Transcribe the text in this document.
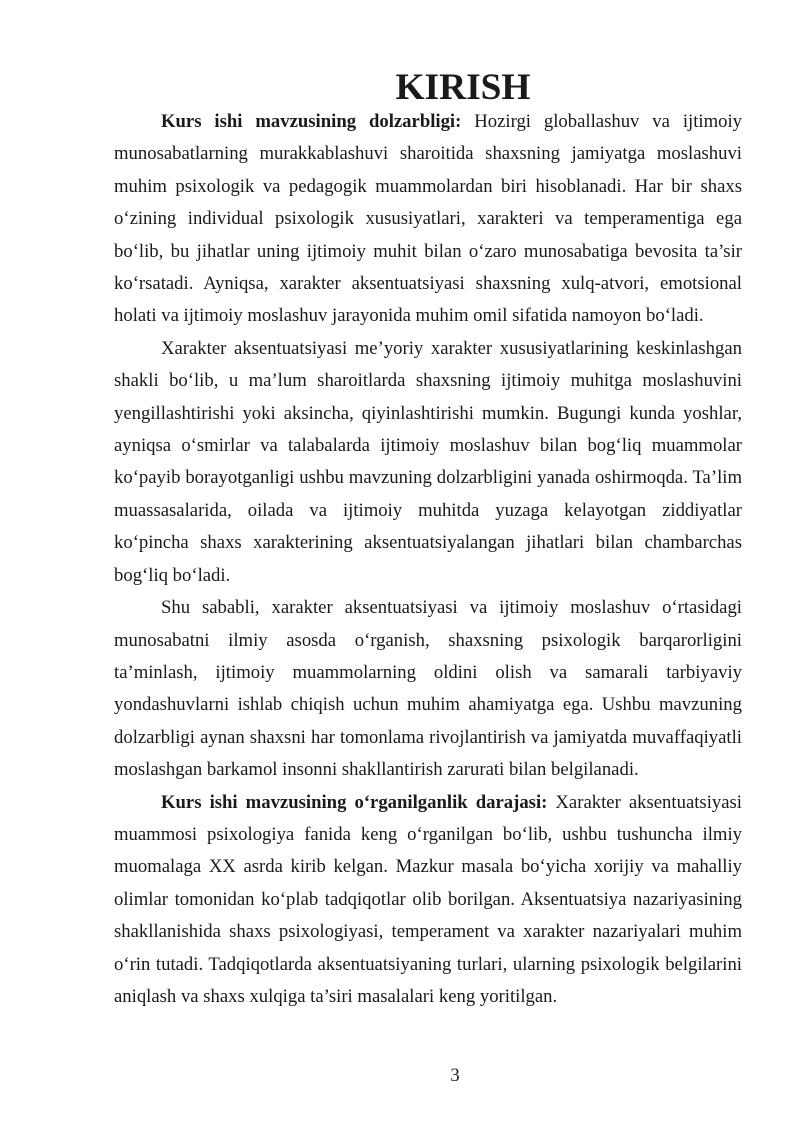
KIRISH

Kurs ishi mavzusining dolzarbligi: Hozirgi globallashuv va ijtimoiy munosabatlarning murakkablashuvi sharoitida shaxsning jamiyatga moslashuvi muhim psixologik va pedagogik muammolardan biri hisoblanadi. Har bir shaxs o‘zining individual psixologik xususiyatlari, xarakteri va temperamentiga ega bo‘lib, bu jihatlar uning ijtimoiy muhit bilan o‘zaro munosabatiga bevosita ta’sir ko‘rsatadi. Ayniqsa, xarakter aksentuatsiyasi shaxsning xulq-atvori, emotsional holati va ijtimoiy moslashuv jarayonida muhim omil sifatida namoyon bo‘ladi.

Xarakter aksentuatsiyasi me’yoriy xarakter xususiyatlarining keskinlashgan shakli bo‘lib, u ma’lum sharoitlarda shaxsning ijtimoiy muhitga moslashuvini yengillashtirishi yoki aksincha, qiyinlashtirishi mumkin. Bugungi kunda yoshlar, ayniqsa o‘smirlar va talabalarda ijtimoiy moslashuv bilan bog‘liq muammolar ko‘payib borayotganligi ushbu mavzuning dolzarbligini yanada oshirmoqda. Ta’lim muassasalarida, oilada va ijtimoiy muhitda yuzaga kelayotgan ziddiyatlar ko‘pincha shaxs xarakterining aksentuatsiyalangan jihatlari bilan chambarchas bog‘liq bo‘ladi.

Shu sababli, xarakter aksentuatsiyasi va ijtimoiy moslashuv o‘rtasidagi munosabatni ilmiy asosda o‘rganish, shaxsning psixologik barqarorligini ta’minlash, ijtimoiy muammolarning oldini olish va samarali tarbiyaviy yondashuvlarni ishlab chiqish uchun muhim ahamiyatga ega. Ushbu mavzuning dolzarbligi aynan shaxsni har tomonlama rivojlantirish va jamiyatda muvaffaqiyatli moslashgan barkamol insonni shakllantirish zarurati bilan belgilanadi.

Kurs ishi mavzusining o‘rganilganlik darajasi: Xarakter aksentuatsiyasi muammosi psixologiya fanida keng o‘rganilgan bo‘lib, ushbu tushuncha ilmiy muomalaga XX asrda kirib kelgan. Mazkur masala bo‘yicha xorijiy va mahalliy olimlar tomonidan ko‘plab tadqiqotlar olib borilgan. Aksentuatsiya nazariyasining shakllanishida shaxs psixologiyasi, temperament va xarakter nazariyalari muhim o‘rin tutadi. Tadqiqotlarda aksentuatsiyaning turlari, ularning psixologik belgilarini aniqlash va shaxs xulqiga ta’siri masalalari keng yoritilgan.

3
